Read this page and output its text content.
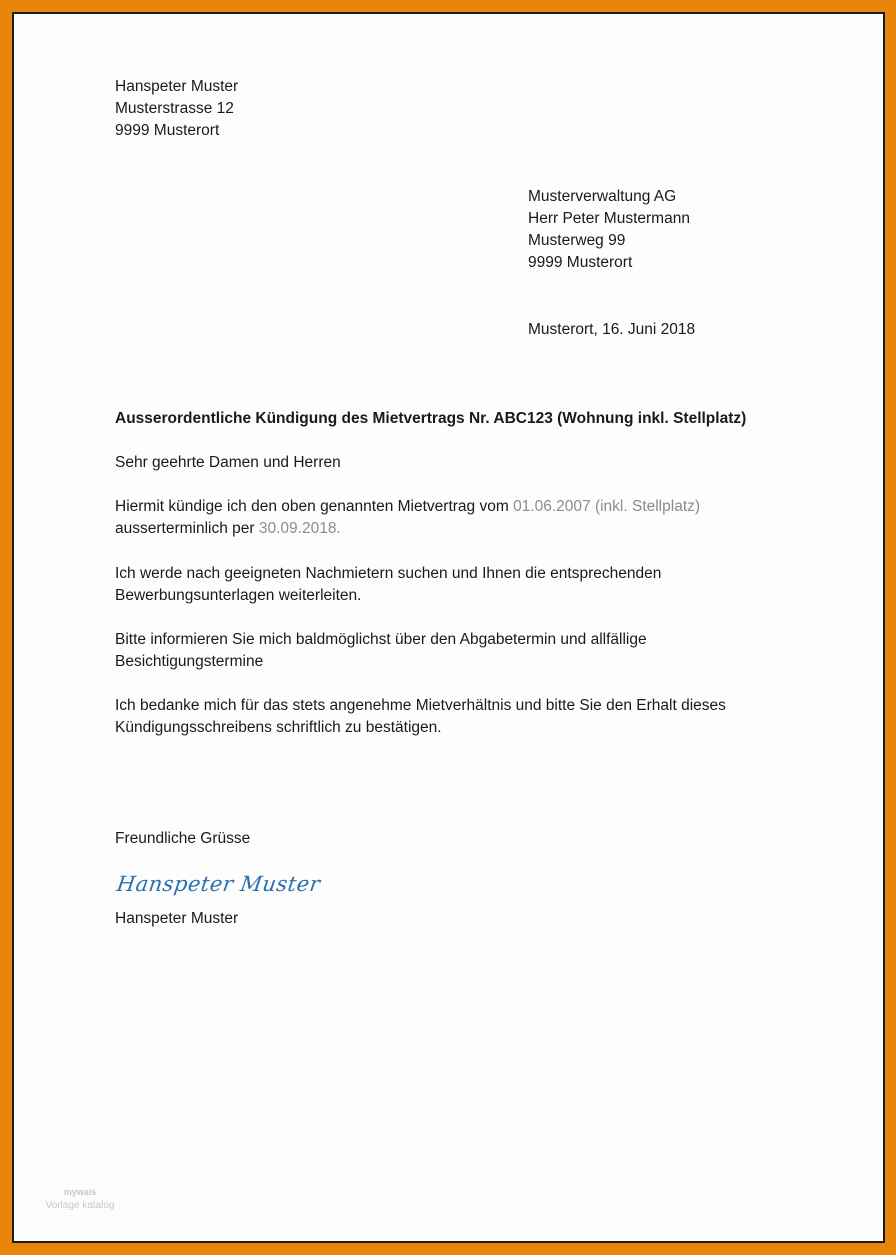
Hanspeter Muster
Musterstrasse 12
9999 Musterort
Musterverwaltung AG
Herr Peter Mustermann
Musterweg 99
9999 Musterort
Musterort, 16. Juni 2018
Ausserordentliche Kündigung des Mietvertrags Nr. ABC123 (Wohnung inkl. Stellplatz)
Sehr geehrte Damen und Herren
Hiermit kündige ich den oben genannten Mietvertrag vom 01.06.2007 (inkl. Stellplatz)
ausserterminlich per 30.09.2018.
Ich werde nach geeigneten Nachmietern suchen und Ihnen die entsprechenden
Bewerbungsunterlagen weiterleiten.
Bitte informieren Sie mich baldmöglichst über den Abgabetermin und allfällige
Besichtigungstermine
Ich bedanke mich für das stets angenehme Mietverhältnis und bitte Sie den Erhalt dieses
Kündigungsschreibens schriftlich zu bestätigen.
Freundliche Grüsse
Hanspeter Muster
Hanspeter Muster
mywais
Vorlage katalog
